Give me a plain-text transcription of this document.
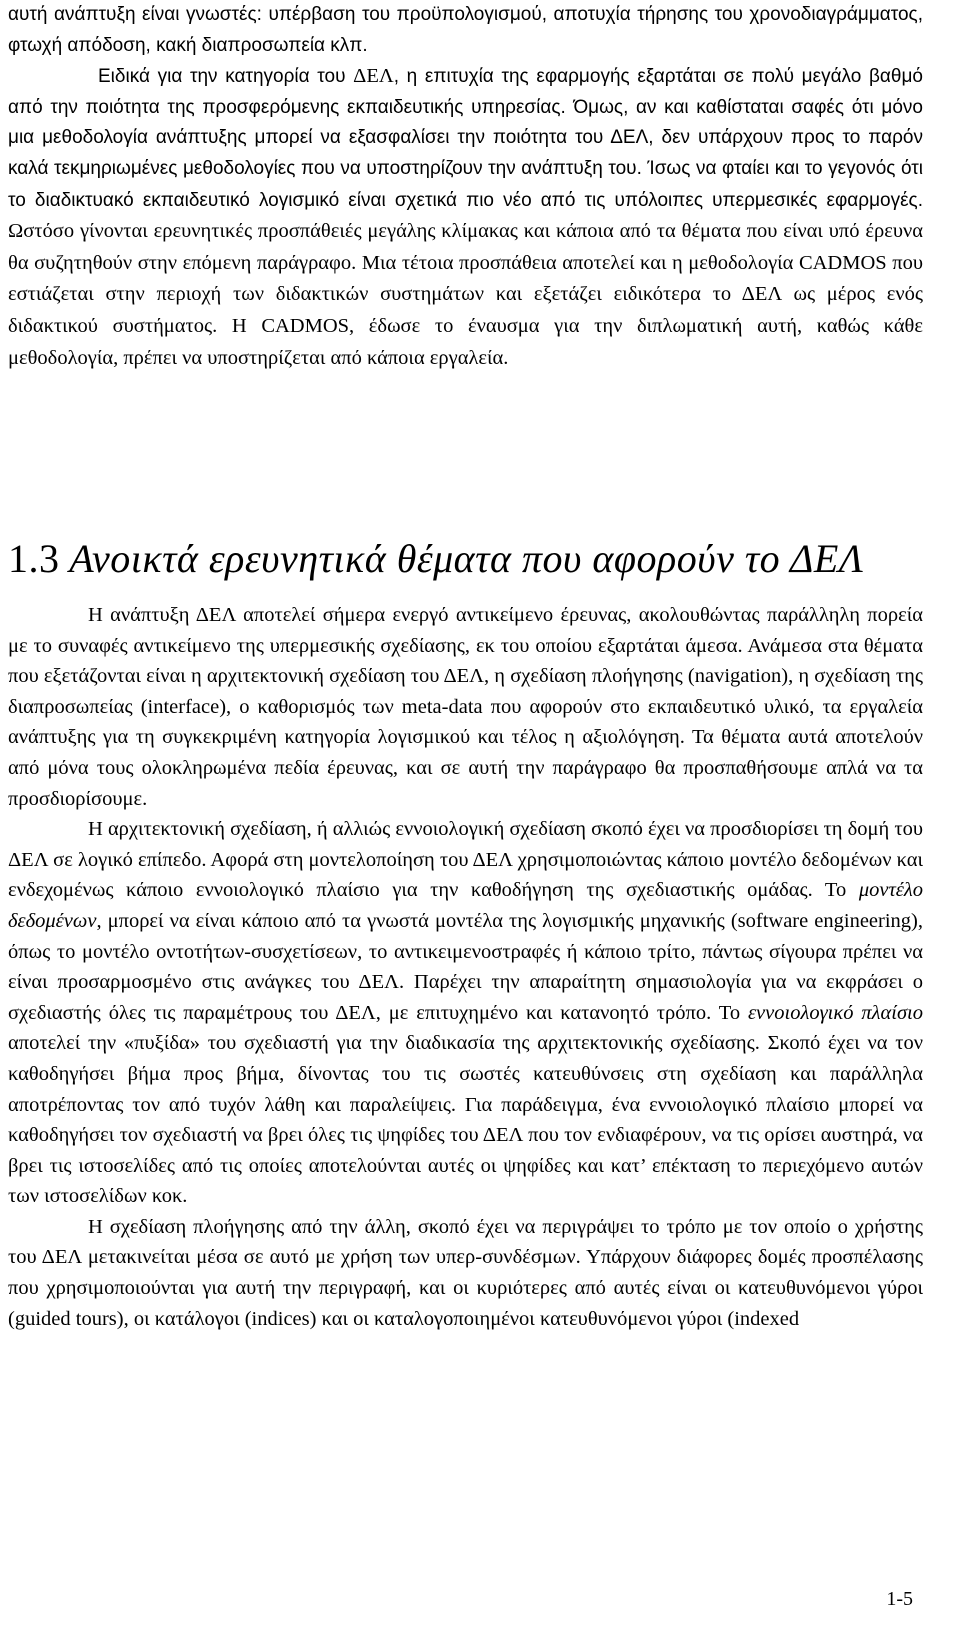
αυτή ανάπτυξη είναι γνωστές: υπέρβαση του προϋπολογισμού, αποτυχία τήρησης του χρονοδιαγράμματος, φτωχή απόδοση, κακή διαπροσωπεία κλπ.

Ειδικά για την κατηγορία του ΔΕΛ, η επιτυχία της εφαρμογής εξαρτάται σε πολύ μεγάλο βαθμό από την ποιότητα της προσφερόμενης εκπαιδευτικής υπηρεσίας. Όμως, αν και καθίσταται σαφές ότι μόνο μια μεθοδολογία ανάπτυξης μπορεί να εξασφαλίσει την ποιότητα του ΔΕΛ, δεν υπάρχουν προς το παρόν καλά τεκμηριωμένες μεθοδολογίες που να υποστηρίζουν την ανάπτυξη του. Ίσως να φταίει και το γεγονός ότι το διαδικτυακό εκπαιδευτικό λογισμικό είναι σχετικά πιο νέο από τις υπόλοιπες υπερμεσικές εφαρμογές. Ωστόσο γίνονται ερευνητικές προσπάθειές μεγάλης κλίμακας και κάποια από τα θέματα που είναι υπό έρευνα θα συζητηθούν στην επόμενη παράγραφο. Μια τέτοια προσπάθεια αποτελεί και η μεθοδολογία CADMOS που εστιάζεται στην περιοχή των διδακτικών συστημάτων και εξετάζει ειδικότερα το ΔΕΛ ως μέρος ενός διδακτικού συστήματος. Η CADMOS, έδωσε το έναυσμα για την διπλωματική αυτή, καθώς κάθε μεθοδολογία, πρέπει να υποστηρίζεται από κάποια εργαλεία.

1.3 Ανοικτά ερευνητικά θέματα που αφορούν το ΔΕΛ

Η ανάπτυξη ΔΕΛ αποτελεί σήμερα ενεργό αντικείμενο έρευνας, ακολουθώντας παράλληλη πορεία με το συναφές αντικείμενο της υπερμεσικής σχεδίασης, εκ του οποίου εξαρτάται άμεσα. Ανάμεσα στα θέματα που εξετάζονται είναι η αρχιτεκτονική σχεδίαση του ΔΕΛ, η σχεδίαση πλοήγησης (navigation), η σχεδίαση της διαπροσωπείας (interface), ο καθορισμός των meta-data που αφορούν στο εκπαιδευτικό υλικό, τα εργαλεία ανάπτυξης για τη συγκεκριμένη κατηγορία λογισμικού και τέλος η αξιολόγηση. Τα θέματα αυτά αποτελούν από μόνα τους ολοκληρωμένα πεδία έρευνας, και σε αυτή την παράγραφο θα προσπαθήσουμε απλά να τα προσδιορίσουμε.

Η αρχιτεκτονική σχεδίαση, ή αλλιώς εννοιολογική σχεδίαση σκοπό έχει να προσδιορίσει τη δομή του ΔΕΛ σε λογικό επίπεδο. Αφορά στη μοντελοποίηση του ΔΕΛ χρησιμοποιώντας κάποιο μοντέλο δεδομένων και ενδεχομένως κάποιο εννοιολογικό πλαίσιο για την καθοδήγηση της σχεδιαστικής ομάδας. Το μοντέλο δεδομένων, μπορεί να είναι κάποιο από τα γνωστά μοντέλα της λογισμικής μηχανικής (software engineering), όπως το μοντέλο οντοτήτων-συσχετίσεων, το αντικειμενοστραφές ή κάποιο τρίτο, πάντως σίγουρα πρέπει να είναι προσαρμοσμένο στις ανάγκες του ΔΕΛ. Παρέχει την απαραίτητη σημασιολογία για να εκφράσει ο σχεδιαστής όλες τις παραμέτρους του ΔΕΛ, με επιτυχημένο και κατανοητό τρόπο. Το εννοιολογικό πλαίσιο αποτελεί την «πυξίδα» του σχεδιαστή για την διαδικασία της αρχιτεκτονικής σχεδίασης. Σκοπό έχει να τον καθοδηγήσει βήμα προς βήμα, δίνοντας του τις σωστές κατευθύνσεις στη σχεδίαση και παράλληλα αποτρέποντας τον από τυχόν λάθη και παραλείψεις. Για παράδειγμα, ένα εννοιολογικό πλαίσιο μπορεί να καθοδηγήσει τον σχεδιαστή να βρει όλες τις ψηφίδες του ΔΕΛ που τον ενδιαφέρουν, να τις ορίσει αυστηρά, να βρει τις ιστοσελίδες από τις οποίες αποτελούνται αυτές οι ψηφίδες και κατ’ επέκταση το περιεχόμενο αυτών των ιστοσελίδων κοκ.

Η σχεδίαση πλοήγησης από την άλλη, σκοπό έχει να περιγράψει το τρόπο με τον οποίο ο χρήστης του ΔΕΛ μετακινείται μέσα σε αυτό με χρήση των υπερ-συνδέσμων. Υπάρχουν διάφορες δομές προσπέλασης που χρησιμοποιούνται για αυτή την περιγραφή, και οι κυριότερες από αυτές είναι οι κατευθυνόμενοι γύροι (guided tours), οι κατάλογοι (indices) και οι καταλογοποιημένοι κατευθυνόμενοι γύροι (indexed

1-5
